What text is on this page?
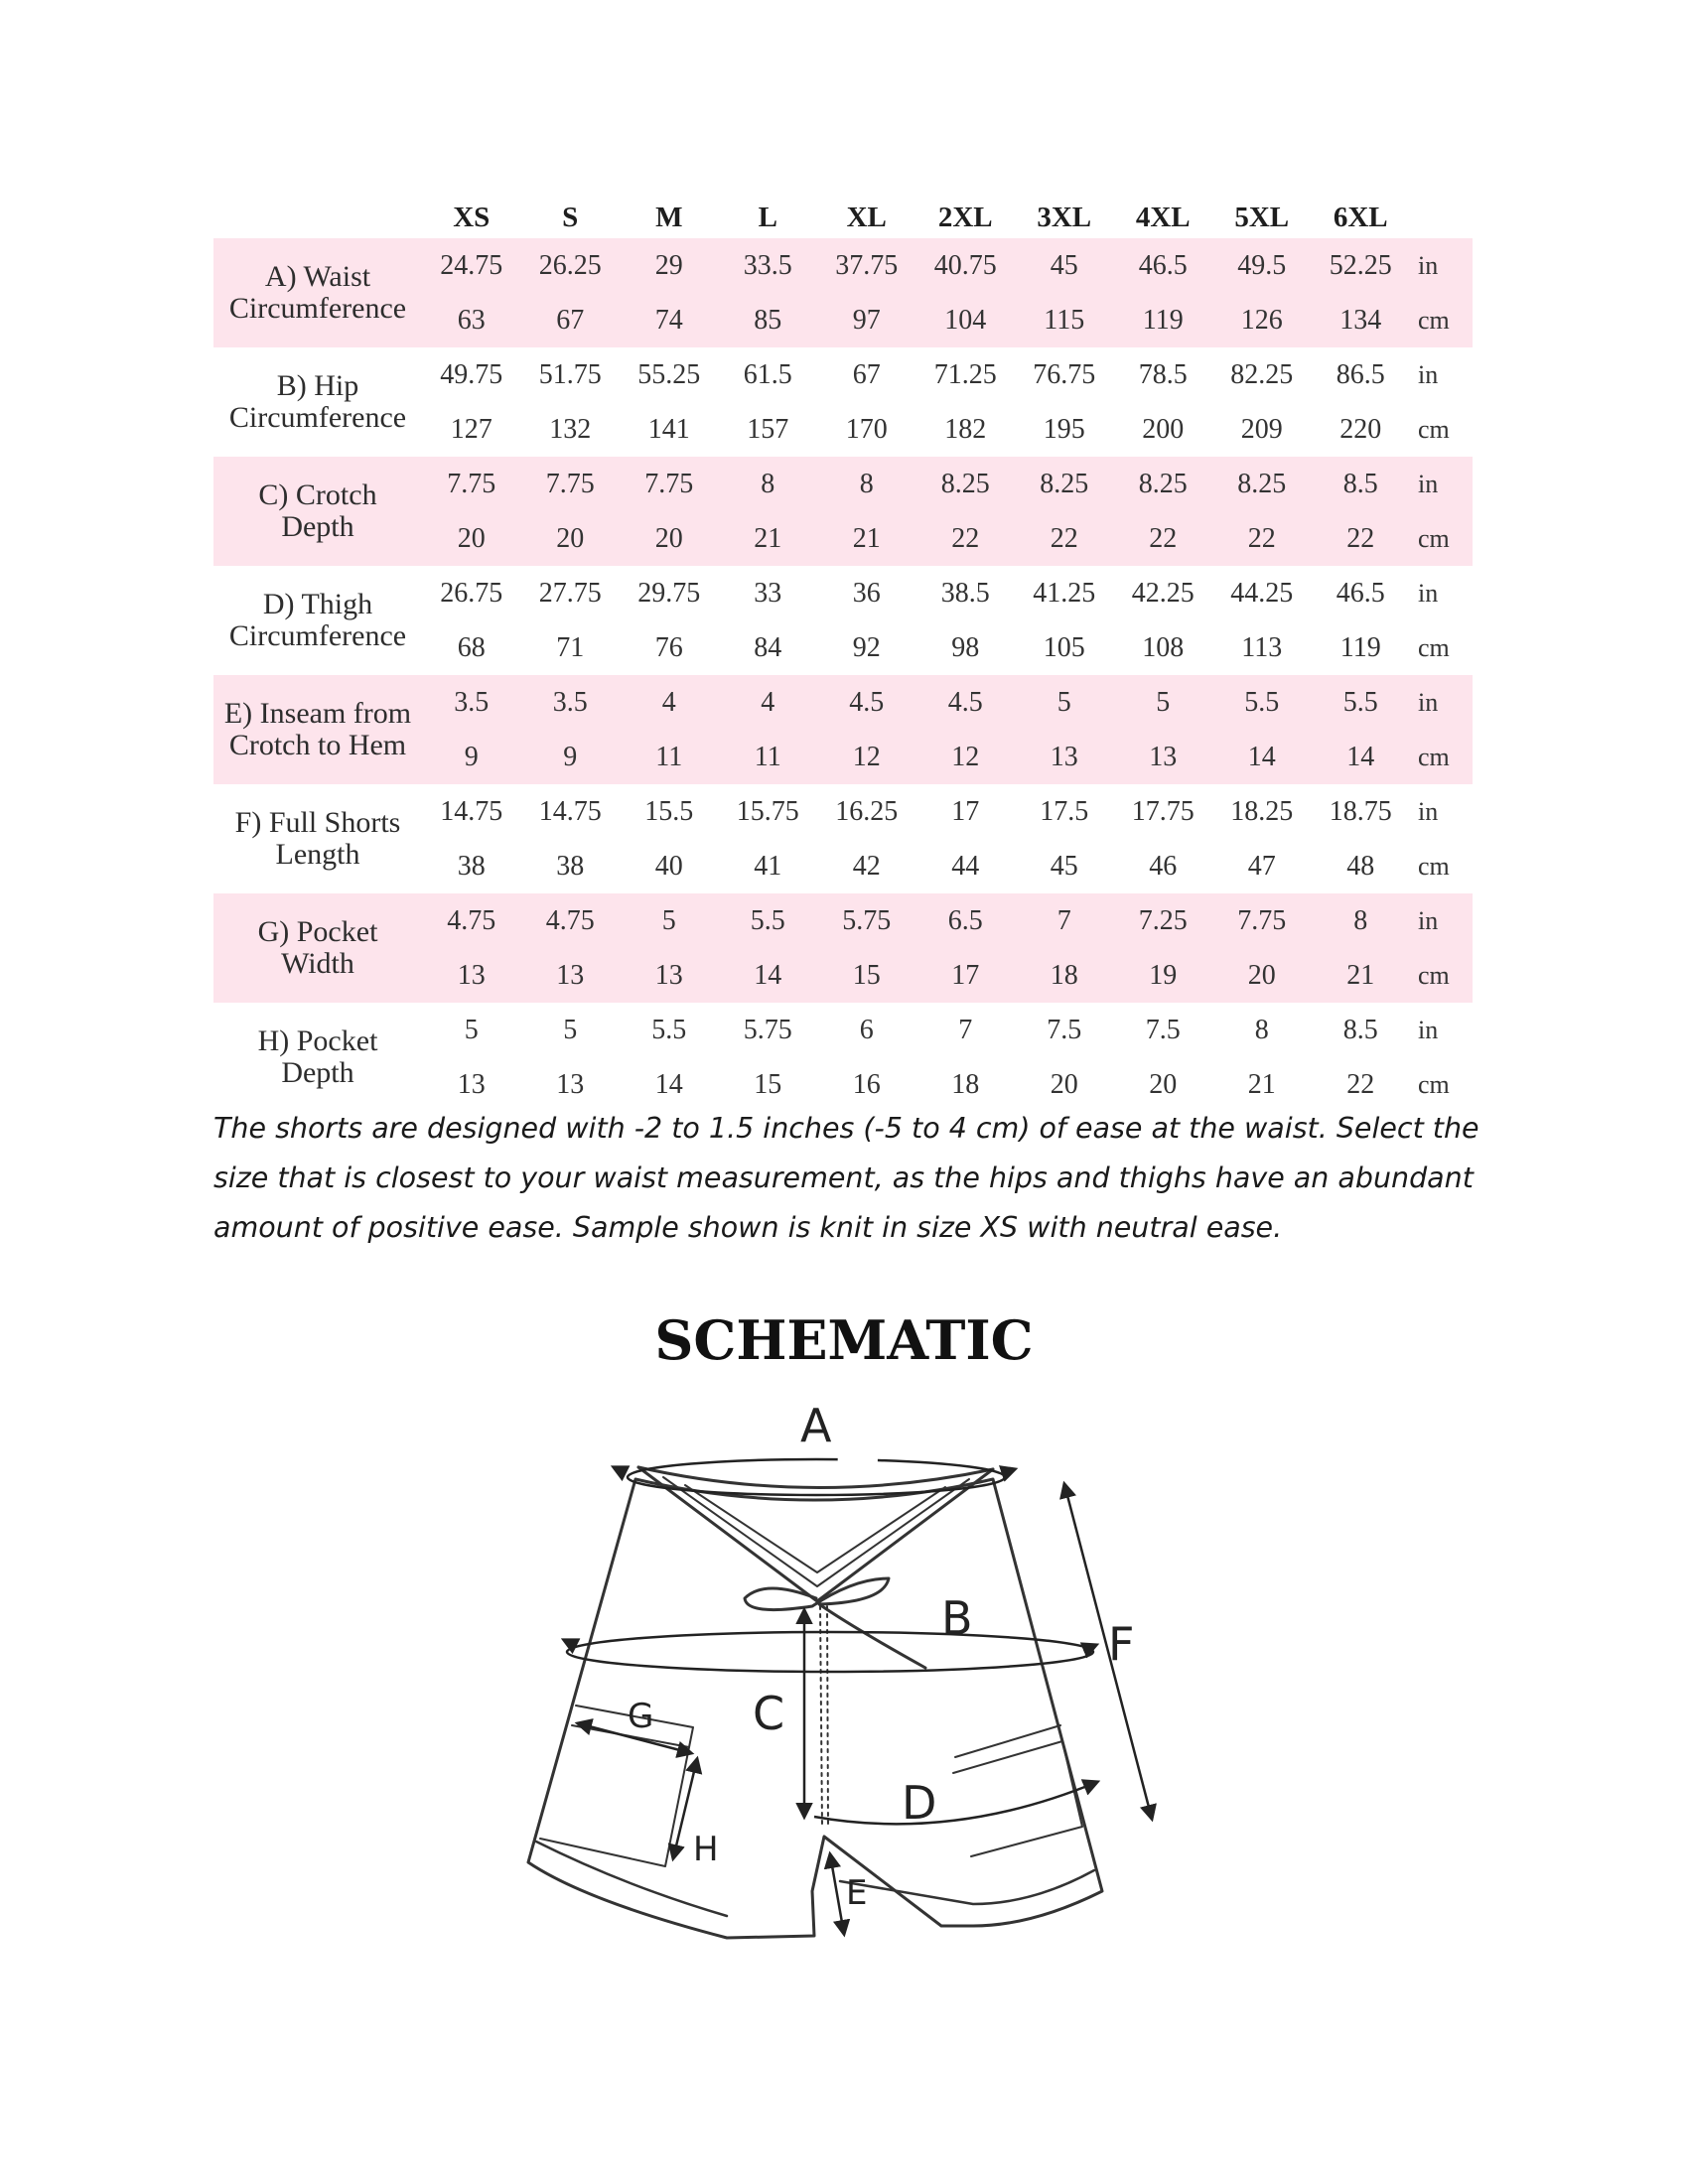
	XS	S	M	L	XL	2XL	3XL	4XL	5XL	6XL	
A) Waist
Circumference	24.75	26.25	29	33.5	37.75	40.75	45	46.5	49.5	52.25	in
	63	67	74	85	97	104	115	119	126	134	cm
B) Hip
Circumference	49.75	51.75	55.25	61.5	67	71.25	76.75	78.5	82.25	86.5	in
	127	132	141	157	170	182	195	200	209	220	cm
C) Crotch
Depth	7.75	7.75	7.75	8	8	8.25	8.25	8.25	8.25	8.5	in
	20	20	20	21	21	22	22	22	22	22	cm
D) Thigh
Circumference	26.75	27.75	29.75	33	36	38.5	41.25	42.25	44.25	46.5	in
	68	71	76	84	92	98	105	108	113	119	cm
E) Inseam from
Crotch to Hem	3.5	3.5	4	4	4.5	4.5	5	5	5.5	5.5	in
	9	9	11	11	12	12	13	13	14	14	cm
F) Full Shorts
Length	14.75	14.75	15.5	15.75	16.25	17	17.5	17.75	18.25	18.75	in
	38	38	40	41	42	44	45	46	47	48	cm
G) Pocket
Width	4.75	4.75	5	5.5	5.75	6.5	7	7.25	7.75	8	in
	13	13	13	14	15	17	18	19	20	21	cm
H) Pocket
Depth	5	5	5.5	5.75	6	7	7.5	7.5	8	8.5	in
	13	13	14	15	16	18	20	20	21	22	cm

The shorts are designed with -2 to 1.5 inches (-5 to 4 cm) of ease at the waist. Select the size that is closest to your waist measurement, as the hips and thighs have an abundant amount of positive ease. Sample shown is knit in size XS with neutral ease.

SCHEMATIC
A
B
C
D
E
F
G
H
